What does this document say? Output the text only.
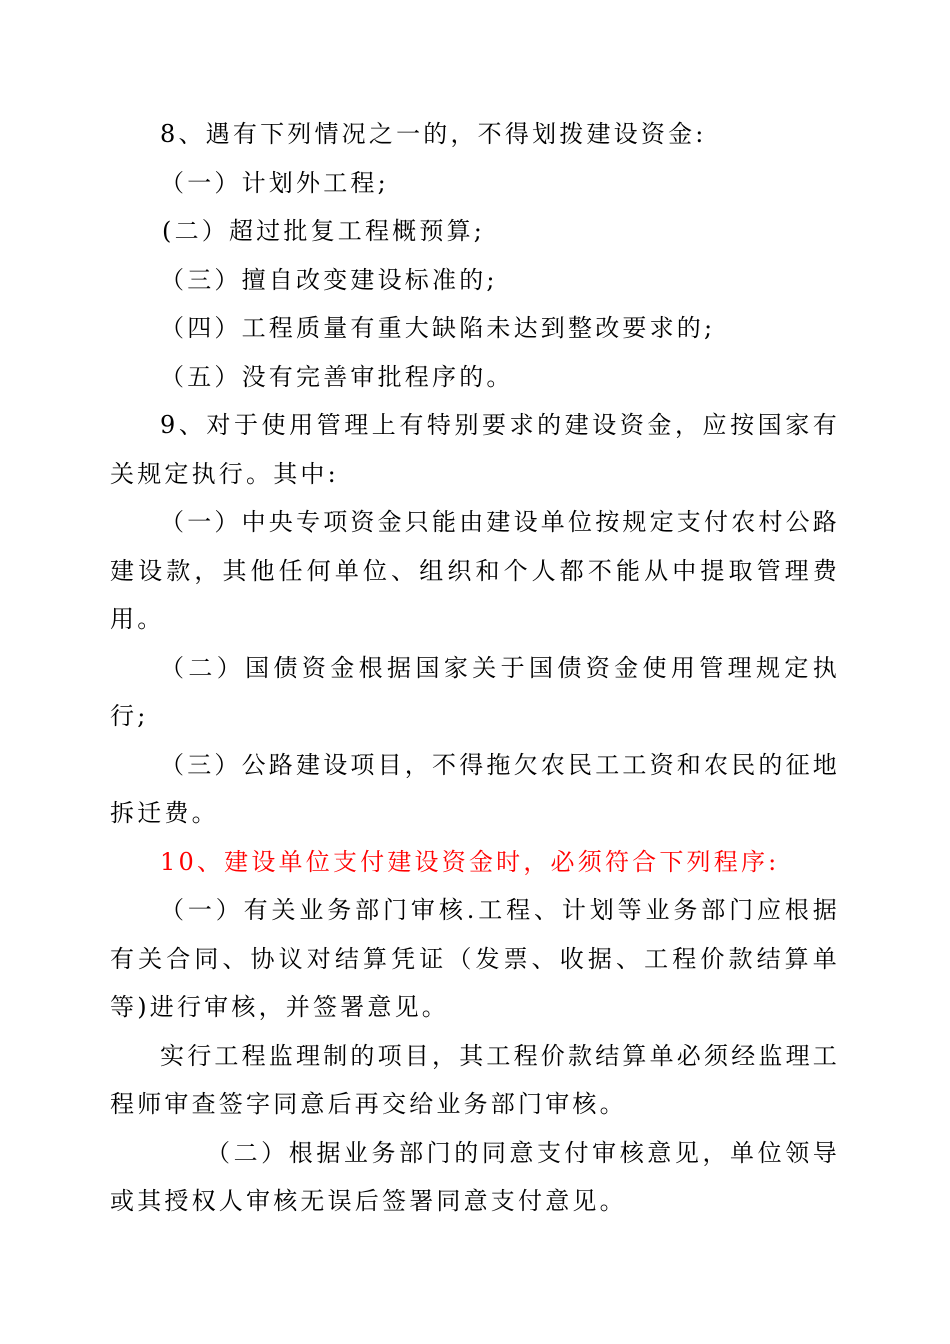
8、遇有下列情况之一的，不得划拨建设资金:

（一）计划外工程;

(二）超过批复工程概预算;

（三）擅自改变建设标准的;

（四）工程质量有重大缺陷未达到整改要求的;

（五）没有完善审批程序的。

9、对于使用管理上有特别要求的建设资金，应按国家有关规定执行。其中:

（一）中央专项资金只能由建设单位按规定支付农村公路建设款，其他任何单位、组织和个人都不能从中提取管理费用。

（二）国债资金根据国家关于国债资金使用管理规定执行;

（三）公路建设项目，不得拖欠农民工工资和农民的征地拆迁费。

10、建设单位支付建设资金时，必须符合下列程序:

（一）有关业务部门审核.工程、计划等业务部门应根据有关合同、协议对结算凭证（发票、收据、工程价款结算单等)进行审核，并签署意见。

实行工程监理制的项目，其工程价款结算单必须经监理工程师审查签字同意后再交给业务部门审核。

（二）根据业务部门的同意支付审核意见，单位领导或其授权人审核无误后签署同意支付意见。
